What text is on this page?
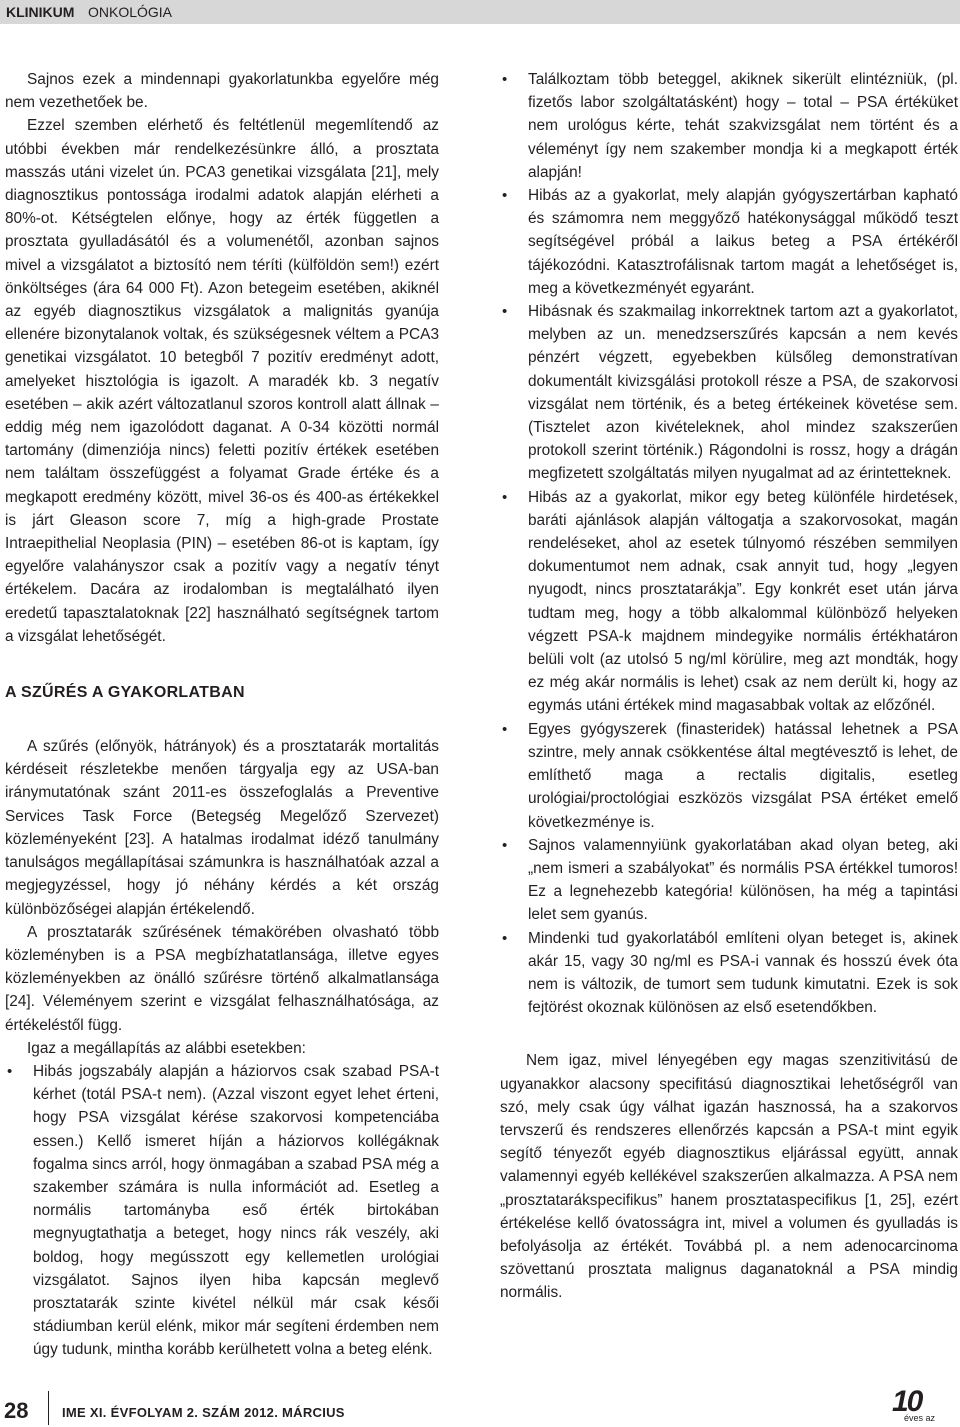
KLINIKUM ONKOLÓGIA

Sajnos ezek a mindennapi gyakorlatunkba egyelőre még nem vezethetőek be.

Ezzel szemben elérhető és feltétlenül megemlítendő az utóbbi években már rendelkezésünkre álló, a prosztata masszás utáni vizelet ún. PCA3 genetikai vizsgálata [21], mely diagnosztikus pontossága irodalmi adatok alapján elérheti a 80%-ot. Kétségtelen előnye, hogy az érték független a prosztata gyulladásától és a volumenétől, azonban sajnos mivel a vizsgálatot a biztosító nem téríti (külföldön sem!) ezért önköltséges (ára 64 000 Ft). Azon betegeim esetében, akiknél az egyéb diagnosztikus vizsgálatok a malignitás gyanúja ellenére bizonytalanok voltak, és szükségesnek véltem a PCA3 genetikai vizsgálatot. 10 betegből 7 pozitív eredményt adott, amelyeket hisztológia is igazolt. A maradék kb. 3 negatív esetében – akik azért változatlanul szoros kontroll alatt állnak – eddig még nem igazolódott daganat. A 0-34 közötti normál tartomány (dimenziója nincs) feletti pozitív értékek esetében nem találtam összefüggést a folyamat Grade értéke és a megkapott eredmény között, mivel 36-os és 400-as értékekkel is járt Gleason score 7, míg a high-grade Prostate Intraepithelial Neoplasia (PIN) – esetében 86-ot is kaptam, így egyelőre valahányszor csak a pozitív vagy a negatív tényt értékelem. Dacára az irodalomban is megtalálható ilyen eredetű tapasztalatoknak [22] használható segítségnek tartom a vizsgálat lehetőségét.

A SZŰRÉS A GYAKORLATBAN

A szűrés (előnyök, hátrányok) és a prosztatarák mortalitás kérdéseit részletekbe menően tárgyalja egy az USA-ban iránymutatónak szánt 2011-es összefoglalás a Preventive Services Task Force (Betegség Megelőző Szervezet) közleményeként [23]. A hatalmas irodalmat idéző tanulmány tanulságos megállapításai számunkra is használhatóak azzal a megjegyzéssel, hogy jó néhány kérdés a két ország különbözőségei alapján értékelendő.

A prosztatarák szűrésének témakörében olvasható több közleményben is a PSA megbízhatatlansága, illetve egyes közleményekben az önálló szűrésre történő alkalmatlansága [24]. Véleményem szerint e vizsgálat felhasználhatósága, az értékeléstől függ.

Igaz a megállapítás az alábbi esetekben:

• Hibás jogszabály alapján a háziorvos csak szabad PSA-t kérhet (totál PSA-t nem). (Azzal viszont egyet lehet érteni, hogy PSA vizsgálat kérése szakorvosi kompetenciába essen.) Kellő ismeret híján a háziorvos kollégáknak fogalma sincs arról, hogy önmagában a szabad PSA még a szakember számára is nulla információt ad. Esetleg a normális tartományba eső érték birtokában megnyugtathatja a beteget, hogy nincs rák veszély, aki boldog, hogy megússzott egy kellemetlen urológiai vizsgálatot. Sajnos ilyen hiba kapcsán meglevő prosztatarák szinte kivétel nélkül már csak késői stádiumban kerül elénk, mikor már segíteni érdemben nem úgy tudunk, mintha korább kerülhetett volna a beteg elénk.
• Találkoztam több beteggel, akiknek sikerült elintézniük, (pl. fizetős labor szolgáltatásként) hogy – total – PSA értéküket nem urológus kérte, tehát szakvizsgálat nem történt és a véleményt így nem szakember mondja ki a megkapott érték alapján!
• Hibás az a gyakorlat, mely alapján gyógyszertárban kapható és számomra nem meggyőző hatékonysággal működő teszt segítségével próbál a laikus beteg a PSA értékéről tájékozódni. Katasztrofálisnak tartom magát a lehetőséget is, meg a következményét egyaránt.
• Hibásnak és szakmailag inkorrektnek tartom azt a gyakorlatot, melyben az un. menedzserszűrés kapcsán a nem kevés pénzért végzett, egyebekben külsőleg demonstratívan dokumentált kivizsgálási protokoll része a PSA, de szakorvosi vizsgálat nem történik, és a beteg értékeinek követése sem. (Tisztelet azon kivételeknek, ahol mindez szakszerűen protokoll szerint történik.) Rágondolni is rossz, hogy a drágán megfizetett szolgáltatás milyen nyugalmat ad az érintetteknek.
• Hibás az a gyakorlat, mikor egy beteg különféle hirdetések, baráti ajánlások alapján váltogatja a szakorvosokat, magán rendeléseket, ahol az esetek túlnyomó részében semmilyen dokumentumot nem adnak, csak annyit tud, hogy „legyen nyugodt, nincs prosztatarákja”. Egy konkrét eset után járva tudtam meg, hogy a több alkalommal különböző helyeken végzett PSA-k majdnem mindegyike normális értékhatáron belüli volt (az utolsó 5 ng/ml körülire, meg azt mondták, hogy ez még akár normális is lehet) csak az nem derült ki, hogy az egymás utáni értékek mind magasabbak voltak az előzőnél.
• Egyes gyógyszerek (finasteridek) hatással lehetnek a PSA szintre, mely annak csökkentése által megtévesztő is lehet, de említhető maga a rectalis digitalis, esetleg urológiai/proctológiai eszközös vizsgálat PSA értéket emelő következménye is.
• Sajnos valamennyiünk gyakorlatában akad olyan beteg, aki „nem ismeri a szabályokat” és normális PSA értékkel tumoros! Ez a legnehezebb kategória! különösen, ha még a tapintási lelet sem gyanús.
• Mindenki tud gyakorlatából említeni olyan beteget is, akinek akár 15, vagy 30 ng/ml es PSA-i vannak és hosszú évek óta nem is változik, de tumort sem tudunk kimutatni. Ezek is sok fejtörést okoznak különösen az első esetendőkben.

Nem igaz, mivel lényegében egy magas szenzitivitású de ugyanakkor alacsony specifitású diagnosztikai lehetőségről van szó, mely csak úgy válhat igazán hasznossá, ha a szakorvos tervszerű és rendszeres ellenőrzés kapcsán a PSA-t mint egyik segítő tényezőt egyéb diagnosztikus eljárással együtt, annak valamennyi egyéb kellékével szakszerűen alkalmazza. A PSA nem „prosztatarákspecifikus” hanem prosztataspecifikus [1, 25], ezért értékelése kellő óvatosságra int, mivel a volumen és gyulladás is befolyásolja az értékét. Továbbá pl. a nem adenocarcinoma szövettanú prosztata malignus daganatoknál a PSA mindig normális.

28	IME XI. ÉVFOLYAM 2. SZÁM 2012. MÁRCIUS	10
éves az
